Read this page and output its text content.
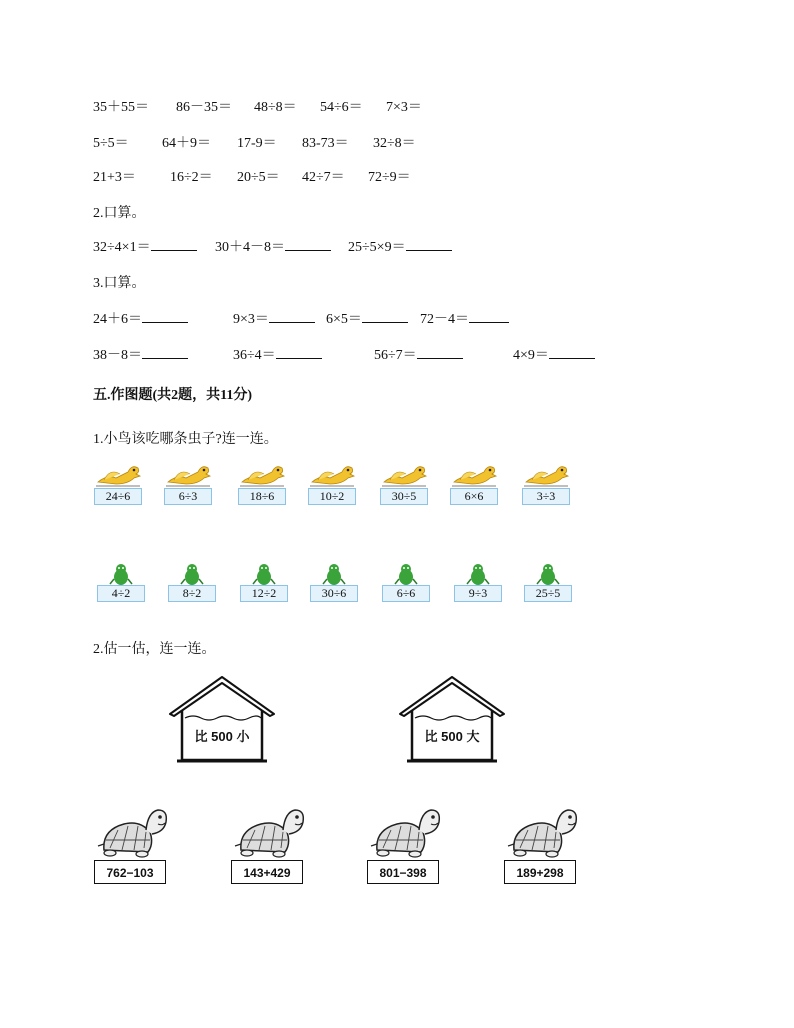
35＋55＝ 86－35＝ 48÷8＝ 54÷6＝ 7×3＝
5÷5＝ 64＋9＝ 17-9＝ 83-73＝ 32÷8＝
21+3＝ 16÷2＝ 20÷5＝ 42÷7＝ 72÷9＝
2.口算。
32÷4×1＝	30＋4－8＝	25÷5×9＝
3.口算。
24＋6＝	9×3＝	6×5＝	72－4＝
38－8＝	36÷4＝	56÷7＝	4×9＝
五.作图题(共2题，共11分)
1.小鸟该吃哪条虫子?连一连。
24÷6	6÷3	18÷6	10÷2	30÷5	6×6	3÷3
4÷2	8÷2	12÷2	30÷6	6÷6	9÷3	25÷5
2.估一估，连一连。
比 500 小	比 500 大
762−103	143+429	801−398	189+298
